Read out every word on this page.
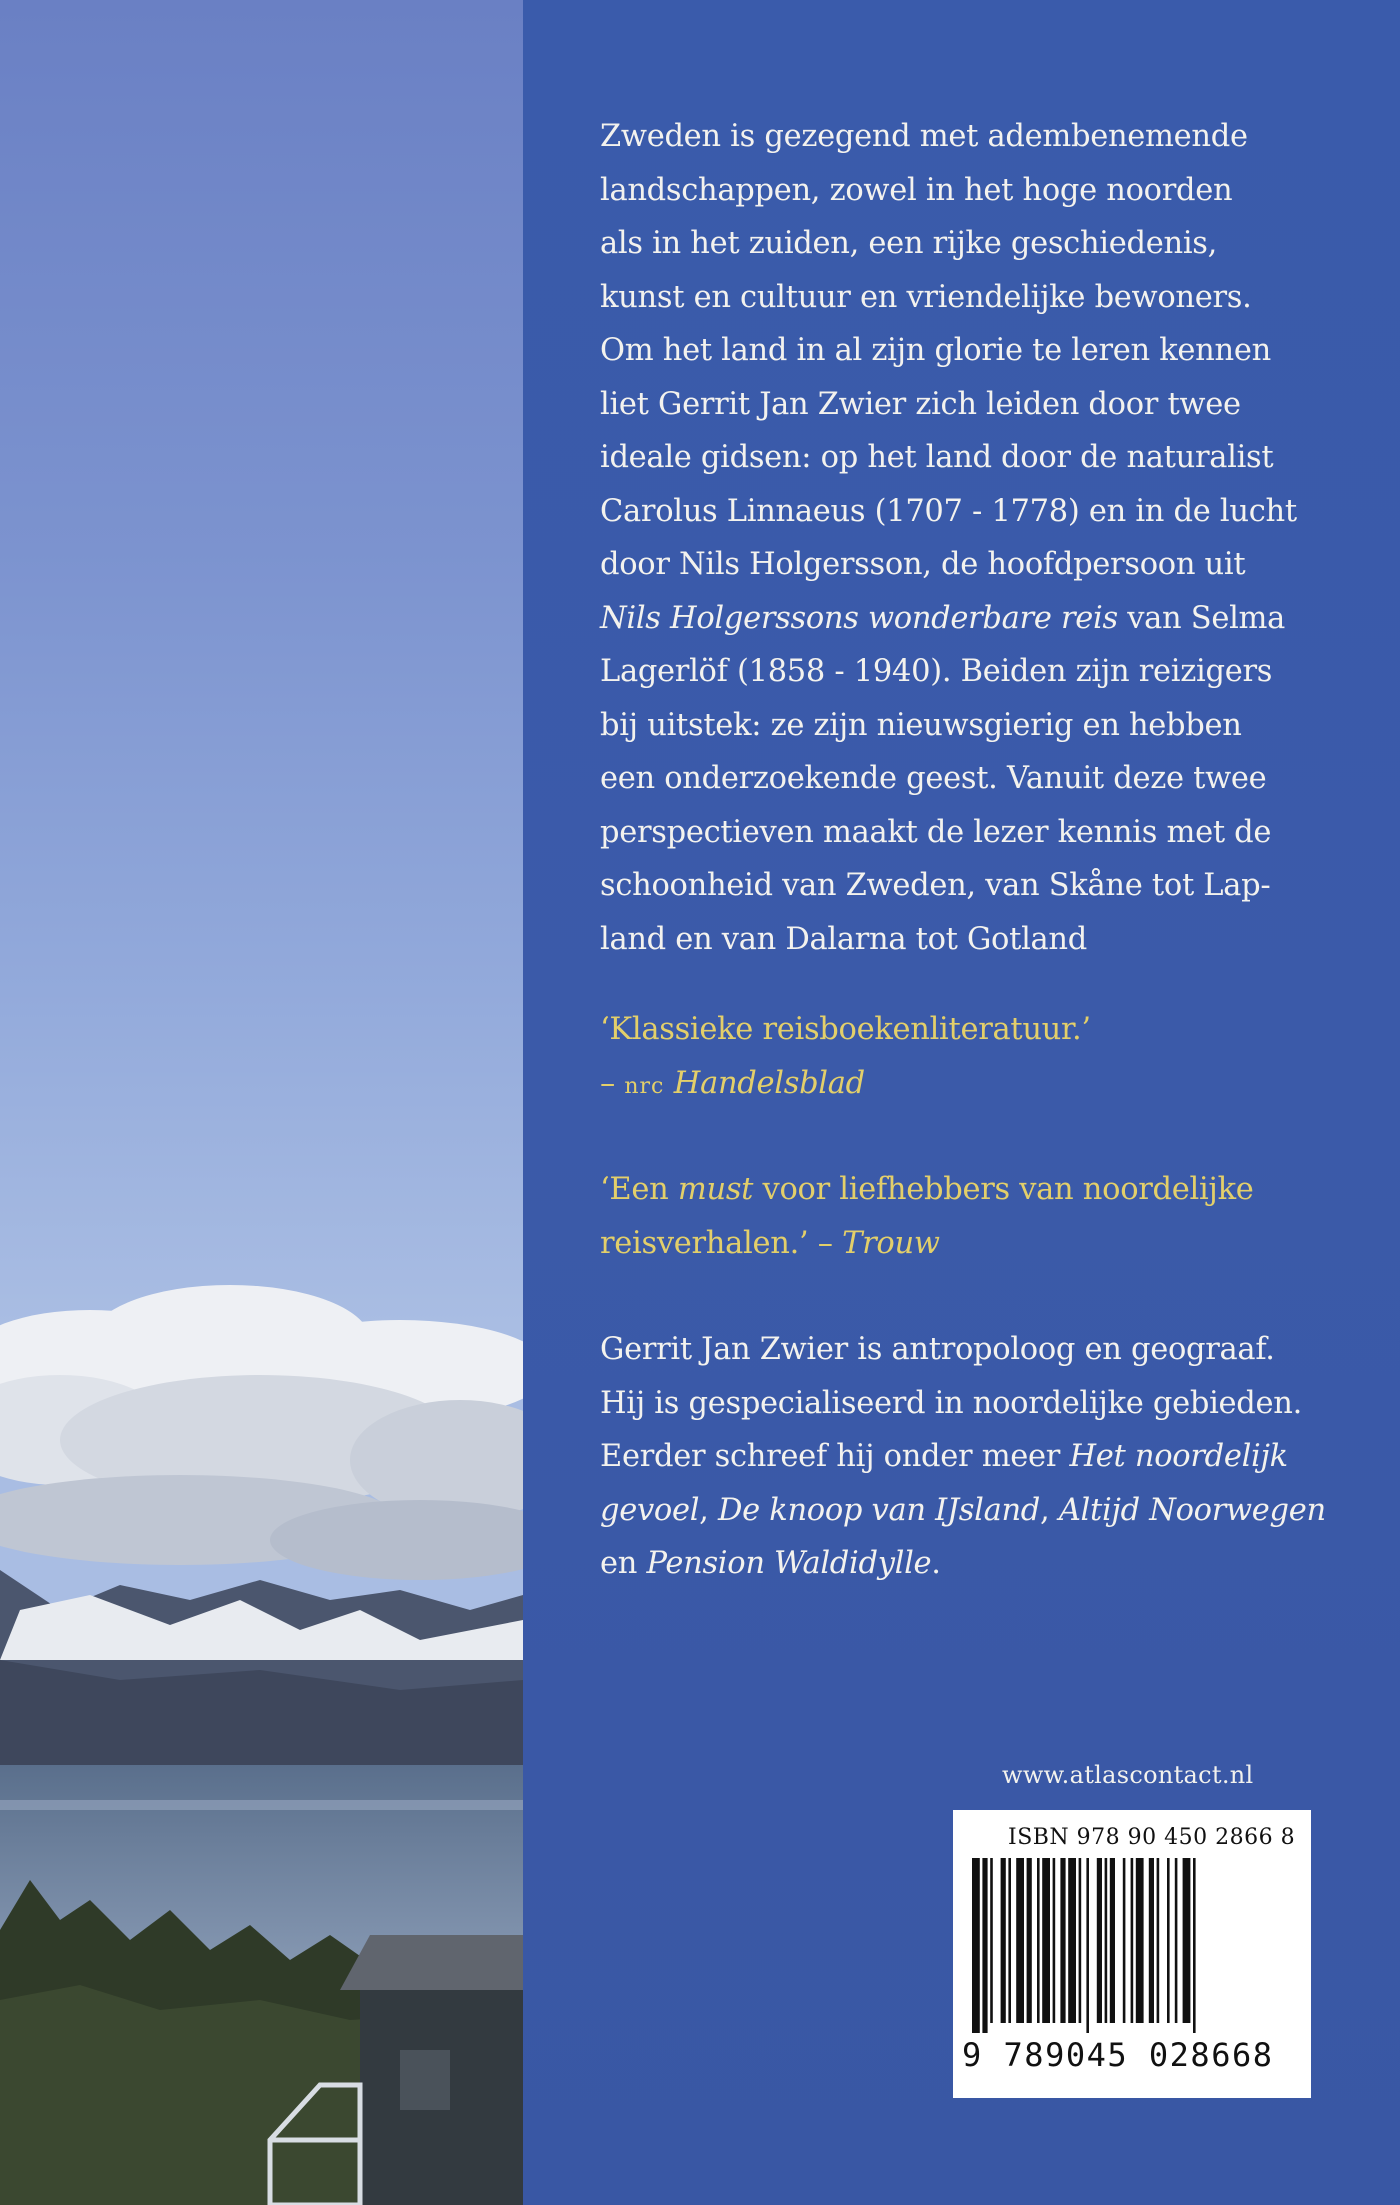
Zweden is gezegend met adembenemende
landschappen, zowel in het hoge noorden
als in het zuiden, een rijke geschiedenis,
kunst en cultuur en vriendelijke bewoners.
Om het land in al zijn glorie te leren kennen
liet Gerrit Jan Zwier zich leiden door twee
ideale gidsen: op het land door de naturalist
Carolus Linnaeus (1707 - 1778) en in de lucht
door Nils Holgersson, de hoofdpersoon uit
Nils Holgerssons wonderbare reis van Selma
Lagerlöf (1858 - 1940). Beiden zijn reizigers
bij uitstek: ze zijn nieuwsgierig en hebben
een onderzoekende geest. Vanuit deze twee
perspectieven maakt de lezer kennis met de
schoonheid van Zweden, van Skåne tot Lap-
land en van Dalarna tot Gotland
‘Klassieke reisboekenliteratuur.’
– nrc Handelsblad
‘Een must voor liefhebbers van noordelijke
reisverhalen.’ – Trouw
Gerrit Jan Zwier is antropoloog en geograaf.
Hij is gespecialiseerd in noordelijke gebieden.
Eerder schreef hij onder meer Het noordelijk
gevoel, De knoop van IJsland, Altijd Noorwegen
en Pension Waldidylle.
www.atlascontact.nl
ISBN 978 90 450 2866 8
9 789045 028668
